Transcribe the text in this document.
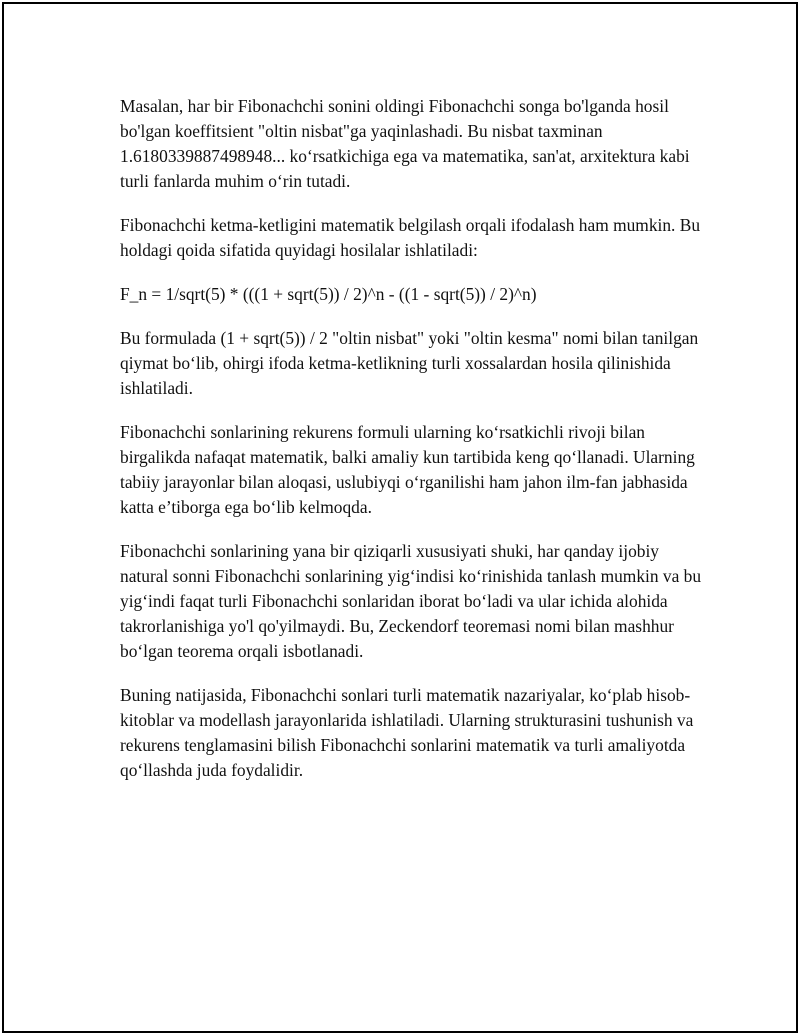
Masalan, har bir Fibonachchi sonini oldingi Fibonachchi songa bo'lganda hosil bo'lgan koeffitsient "oltin nisbat"ga yaqinlashadi. Bu nisbat taxminan 1.6180339887498948... ko‘rsatkichiga ega va matematika, san'at, arxitektura kabi turli fanlarda muhim o‘rin tutadi.

Fibonachchi ketma-ketligini matematik belgilash orqali ifodalash ham mumkin. Bu holdagi qoida sifatida quyidagi hosilalar ishlatiladi:

F_n = 1/sqrt(5) * (((1 + sqrt(5)) / 2)^n - ((1 - sqrt(5)) / 2)^n)

Bu formulada (1 + sqrt(5)) / 2 "oltin nisbat" yoki "oltin kesma" nomi bilan tanilgan qiymat bo‘lib, ohirgi ifoda ketma-ketlikning turli xossalardan hosila qilinishida ishlatiladi.

Fibonachchi sonlarining rekurens formuli ularning ko‘rsatkichli rivoji bilan birgalikda nafaqat matematik, balki amaliy kun tartibida keng qo‘llanadi. Ularning tabiiy jarayonlar bilan aloqasi, uslubiyqi o‘rganilishi ham jahon ilm-fan jabhasida katta e’tiborga ega bo‘lib kelmoqda.

Fibonachchi sonlarining yana bir qiziqarli xususiyati shuki, har qanday ijobiy natural sonni Fibonachchi sonlarining yig‘indisi ko‘rinishida tanlash mumkin va bu yig‘indi faqat turli Fibonachchi sonlaridan iborat bo‘ladi va ular ichida alohida takrorlanishiga yo'l qo'yilmaydi. Bu, Zeckendorf teoremasi nomi bilan mashhur bo‘lgan teorema orqali isbotlanadi.

Buning natijasida, Fibonachchi sonlari turli matematik nazariyalar, ko‘plab hisob-kitoblar va modellash jarayonlarida ishlatiladi. Ularning strukturasini tushunish va rekurens tenglamasini bilish Fibonachchi sonlarini matematik va turli amaliyotda qo‘llashda juda foydalidir.
